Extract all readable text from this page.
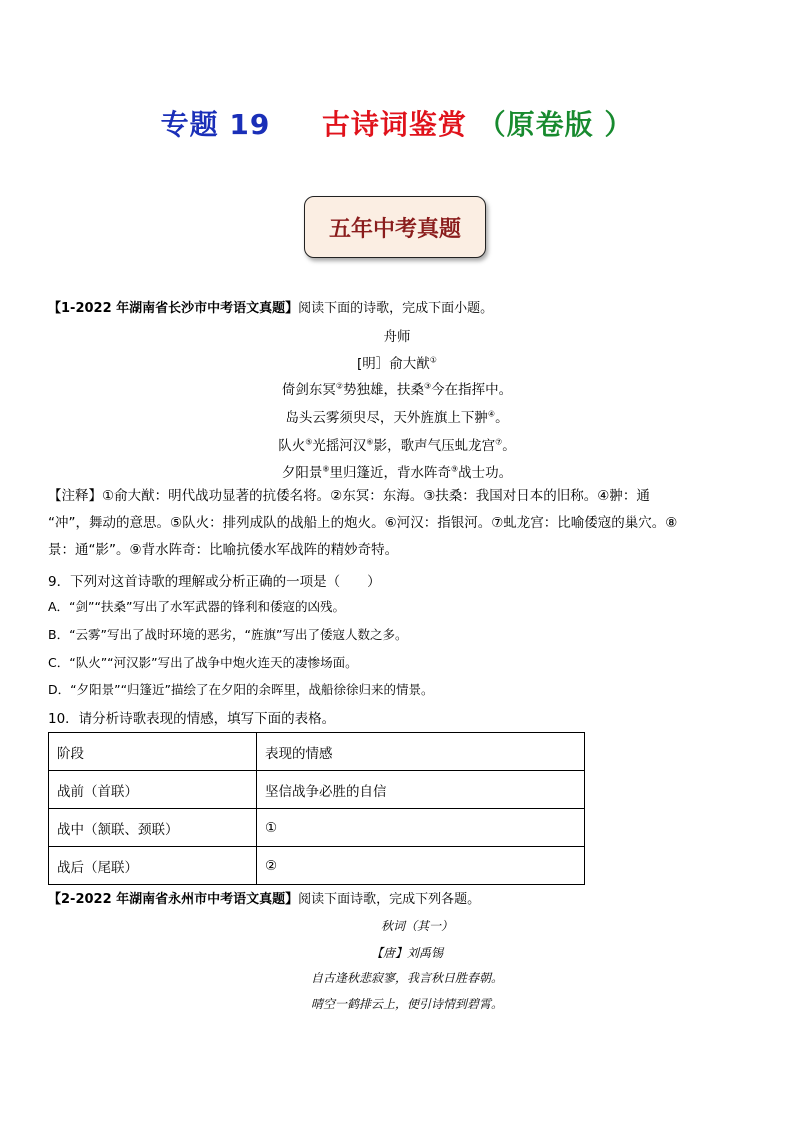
专题 19 古诗词鉴赏 （原卷版 ）
五年中考真题
【1-2022 年湖南省长沙市中考语文真题】阅读下面的诗歌，完成下面小题。
舟师
[明］俞大猷①
倚剑东冥②势独雄，扶桑③今在指挥中。
岛头云雾须臾尽，天外旌旗上下翀④。
队火⑤光摇河汉⑥影，歌声气压虬龙宫⑦。
夕阳景⑧里归篷近，背水阵奇⑨战士功。
【注释】①俞大猷：明代战功显著的抗倭名将。②东冥：东海。③扶桑：我国对日本的旧称。④翀：通
“冲”，舞动的意思。⑤队火：排列成队的战船上的炮火。⑥河汉：指银河。⑦虬龙宫：比喻倭寇的巢穴。⑧
景：通“影”。⑨背水阵奇：比喻抗倭水军战阵的精妙奇特。
9．下列对这首诗歌的理解或分析正确的一项是（　　）
A．“剑”“扶桑”写出了水军武器的锋利和倭寇的凶残。
B．“云雾”写出了战时环境的恶劣，“旌旗”写出了倭寇人数之多。
C．“队火”“河汉影”写出了战争中炮火连天的凄惨场面。
D．“夕阳景”“归篷近”描绘了在夕阳的余晖里，战船徐徐归来的情景。
10．请分析诗歌表现的情感，填写下面的表格。
阶段	表现的情感
战前（首联）	坚信战争必胜的自信
战中（颔联、颈联）	①
战后（尾联）	②
【2-2022 年湖南省永州市中考语文真题】阅读下面诗歌，完成下列各题。
秋词（其一）
【唐】刘禹锡
自古逢秋悲寂寥，我言秋日胜春朝。
晴空一鹤排云上，便引诗情到碧霄。
